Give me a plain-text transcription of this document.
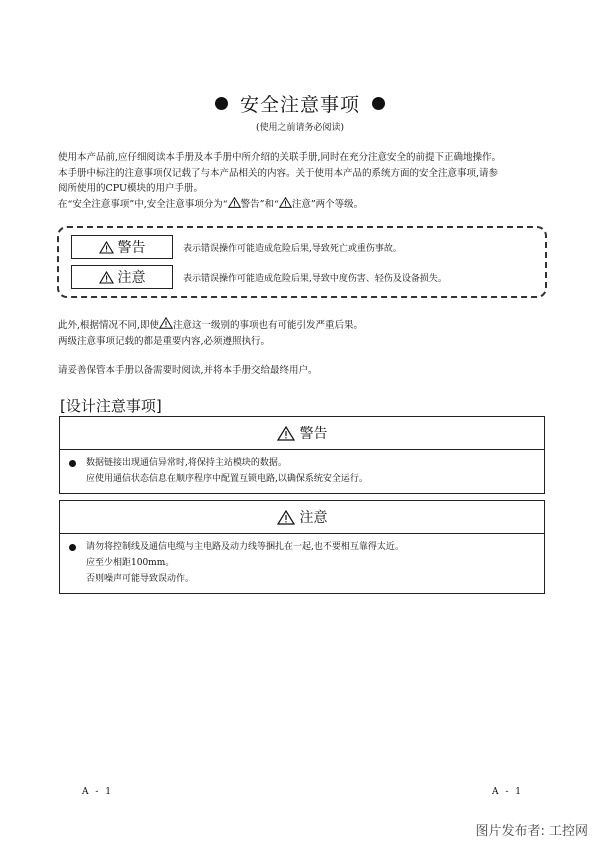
安全注意事项
(使用之前请务必阅读)
使用本产品前,应仔细阅读本手册及本手册中所介绍的关联手册,同时在充分注意安全的前提下正确地操作。
本手册中标注的注意事项仅记载了与本产品相关的内容。关于使用本产品的系统方面的安全注意事项,请参
阅所使用的CPU模块的用户手册。
在“安全注意事项”中,安全注意事项分为“ 警告”和“ 注意”两个等级。
警告	表示错误操作可能造成危险后果,导致死亡或重伤事故。
注意	表示错误操作可能造成危险后果,导致中度伤害、轻伤及设备损失。
此外,根据情况不同,即使 注意这一级别的事项也有可能引发严重后果。
两级注意事项记载的都是重要内容,必须遵照执行。
请妥善保管本手册以备需要时阅读,并将本手册交给最终用户。
[设计注意事项]
警告
数据链接出现通信异常时,将保持主站模块的数据。
应使用通信状态信息在顺序程序中配置互锁电路,以确保系统安全运行。
注意
请勿将控制线及通信电缆与主电路及动力线等捆扎在一起,也不要相互靠得太近。
应至少相距100mm。
否则噪声可能导致误动作。
A - 1	A - 1
图片发布者: 工控网
